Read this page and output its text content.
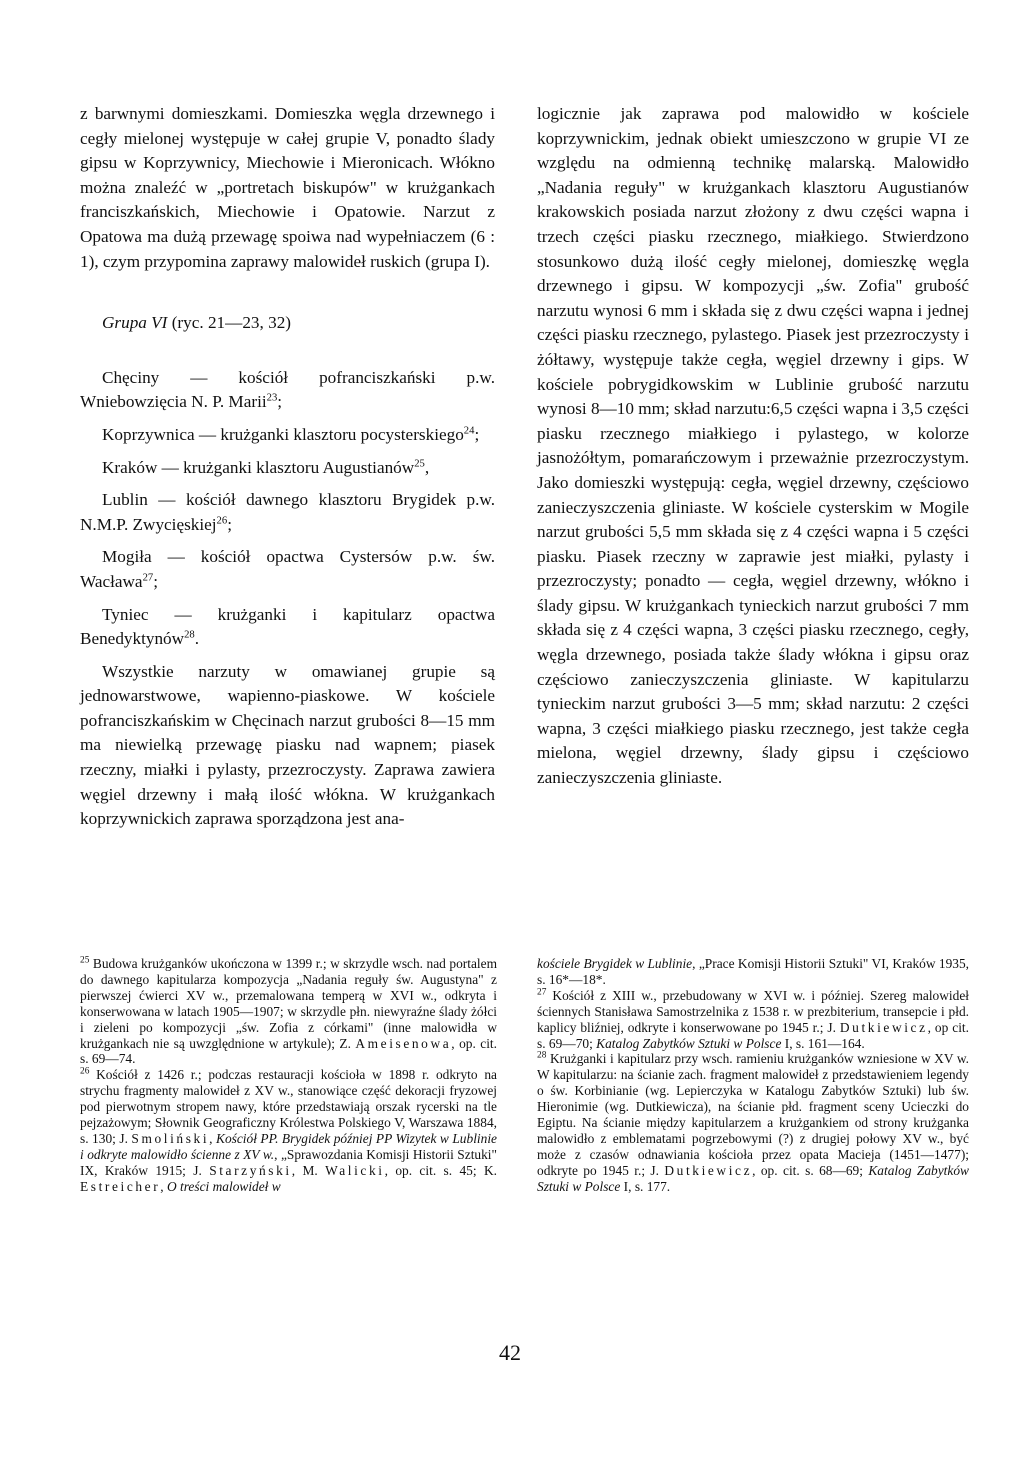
z barwnymi domieszkami. Domieszka węgla drzewnego i cegły mielonej występuje w całej grupie V, ponadto ślady gipsu w Koprzywnicy, Miechowie i Mieronicach. Włókno można znaleźć w „portretach biskupów" w krużgankach franciszkańskich, Miechowie i Opatowie. Narzut z Opatowa ma dużą przewagę spoiwa nad wypełniaczem (6 : 1), czym przypomina zaprawy malowideł ruskich (grupa I).

Grupa VI (ryc. 21—23, 32)

Chęciny — kościół pofranciszkański p.w. Wniebowzięcia N. P. Marii$^{23}$;

Koprzywnica — krużganki klasztoru pocysterskiego$^{24}$;

Kraków — krużganki klasztoru Augustianów$^{25}$,

Lublin — kościół dawnego klasztoru Brygidek p.w. N.M.P. Zwycięskiej$^{26}$;

Mogiła — kościół opactwa Cystersów p.w. św. Wacława$^{27}$;

Tyniec — krużganki i kapitularz opactwa Benedyktynów$^{28}$.

Wszystkie narzuty w omawianej grupie są jednowarstwowe, wapienno-piaskowe. W kościele pofranciszkańskim w Chęcinach narzut grubości 8—15 mm ma niewielką przewagę piasku nad wapnem; piasek rzeczny, miałki i pylasty, przezroczysty. Zaprawa zawiera węgiel drzewny i małą ilość włókna. W krużgankach koprzywnickich zaprawa sporządzona jest ana-

logicznie jak zaprawa pod malowidło w kościele koprzywnickim, jednak obiekt umieszczono w grupie VI ze względu na odmienną technikę malarską. Malowidło „Nadania reguły" w krużgankach klasztoru Augustianów krakowskich posiada narzut złożony z dwu części wapna i trzech części piasku rzecznego, miałkiego. Stwierdzono stosunkowo dużą ilość cegły mielonej, domieszkę węgla drzewnego i gipsu. W kompozycji „św. Zofia" grubość narzutu wynosi 6 mm i składa się z dwu części wapna i jednej części piasku rzecznego, pylastego. Piasek jest przezroczysty i żółtawy, występuje także cegła, węgiel drzewny i gips. W kościele pobrygidkowskim w Lublinie grubość narzutu wynosi 8—10 mm; skład narzutu:6,5 części wapna i 3,5 części piasku rzecznego miałkiego i pylastego, w kolorze jasnożółtym, pomarańczowym i przeważnie przezroczystym. Jako domieszki występują: cegła, węgiel drzewny, częściowo zanieczyszczenia gliniaste. W kościele cysterskim w Mogile narzut grubości 5,5 mm składa się z 4 części wapna i 5 części piasku. Piasek rzeczny w zaprawie jest miałki, pylasty i przezroczysty; ponadto — cegła, węgiel drzewny, włókno i ślady gipsu. W krużgankach tynieckich narzut grubości 7 mm składa się z 4 części wapna, 3 części piasku rzecznego, cegły, węgla drzewnego, posiada także ślady włókna i gipsu oraz częściowo zanieczyszczenia gliniaste. W kapitularzu tynieckim narzut grubości 3—5 mm; skład narzutu: 2 części wapna, 3 części miałkiego piasku rzecznego, jest także cegła mielona, węgiel drzewny, ślady gipsu i częściowo zanieczyszczenia gliniaste.

$^{25}$ Budowa krużganków ukończona w 1399 r.; w skrzydle wsch. nad portalem do dawnego kapitularza kompozycja „Nadania reguły św. Augustyna" z pierwszej ćwierci XV w., przemalowana temperą w XVI w., odkryta i konserwowana w latach 1905—1907; w skrzydle płn. niewyraźne ślady żółci i zieleni po kompozycji „św. Zofia z córkami" (inne malowidła w krużgankach nie są uwzględnione w artykule); Z. Ameisenowa, op. cit. s. 69—74.

$^{26}$ Kościół z 1426 r.; podczas restauracji kościoła w 1898 r. odkryto na strychu fragmenty malowideł z XV w., stanowiące część dekoracji fryzowej pod pierwotnym stropem nawy, które przedstawiają orszak rycerski na tle pejzażowym; Słownik Geograficzny Królestwa Polskiego V, Warszawa 1884, s. 130; J. Smoliński, Kościół PP. Brygidek później PP Wizytek w Lublinie i odkryte malowidło ścienne z XV w., „Sprawozdania Komisji Historii Sztuki" IX, Kraków 1915; J. Starzyński, M. Walicki, op. cit. s. 45; K. Estreicher, O treści malowideł w

kościele Brygidek w Lublinie, „Prace Komisji Historii Sztuki" VI, Kraków 1935, s. 16*—18*.

$^{27}$ Kościół z XIII w., przebudowany w XVI w. i później. Szereg malowideł ściennych Stanisława Samostrzelnika z 1538 r. w prezbiterium, transepcie i płd. kaplicy bliźniej, odkryte i konserwowane po 1945 r.; J. Dutkiewicz, op cit. s. 69—70; Katalog Zabytków Sztuki w Polsce I, s. 161—164.

$^{28}$ Krużganki i kapitularz przy wsch. ramieniu krużganków wzniesione w XV w. W kapitularzu: na ścianie zach. fragment malowideł z przedstawieniem legendy o św. Korbinianie (wg. Lepierczyka w Katalogu Zabytków Sztuki) lub św. Hieronimie (wg. Dutkiewicza), na ścianie płd. fragment sceny Ucieczki do Egiptu. Na ścianie między kapitularzem a krużgankiem od strony krużganka malowidło z emblematami pogrzebowymi (?) z drugiej połowy XV w., być może z czasów odnawiania kościoła przez opata Macieja (1451—1477); odkryte po 1945 r.; J. Dutkiewicz, op. cit. s. 68—69; Katalog Zabytków Sztuki w Polsce I, s. 177.

42
